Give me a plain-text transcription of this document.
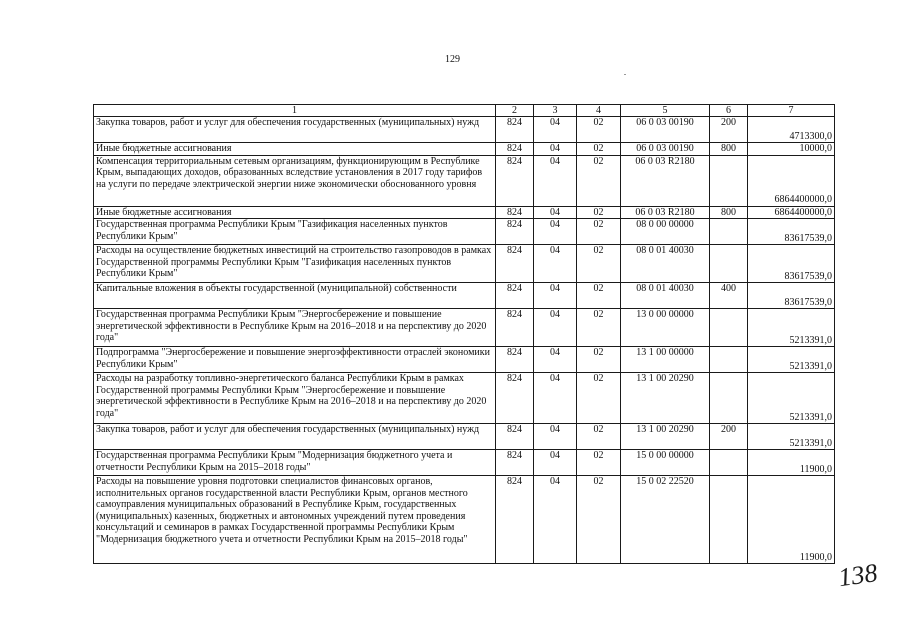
129
1	2	3	4	5	6	7
Закупка товаров, работ и услуг для обеспечения государственных (муниципальных) нужд	824	04	02	06 0 03 00190	200	4713300,0
Иные бюджетные ассигнования	824	04	02	06 0 03 00190	800	10000,0
Компенсация территориальным сетевым организациям, функционирующим в Республике Крым, выпадающих доходов, образованных вследствие установления в 2017 году тарифов на услуги по передаче электрической энергии ниже экономически обоснованного уровня	824	04	02	06 0 03 R2180		6864400000,0
Иные бюджетные ассигнования	824	04	02	06 0 03 R2180	800	6864400000,0
Государственная программа Республики Крым "Газификация населенных пунктов Республики Крым"	824	04	02	08 0 00 00000		83617539,0
Расходы на осуществление бюджетных инвестиций на строительство газопроводов в рамках Государственной программы Республики Крым "Газификация населенных пунктов Республики Крым"	824	04	02	08 0 01 40030		83617539,0
Капитальные вложения в объекты государственной (муниципальной) собственности	824	04	02	08 0 01 40030	400	83617539,0
Государственная программа Республики Крым "Энергосбережение и повышение энергетической эффективности в Республике Крым на 2016–2018 и на перспективу до 2020 года"	824	04	02	13 0 00 00000		5213391,0
Подпрограмма "Энергосбережение и повышение энергоэффективности отраслей экономики Республики Крым"	824	04	02	13 1 00 00000		5213391,0
Расходы на разработку топливно-энергетического баланса Республики Крым в рамках Государственной программы Республики Крым "Энергосбережение и повышение энергетической эффективности в Республике Крым на 2016–2018 и на перспективу до 2020 года"	824	04	02	13 1 00 20290		5213391,0
Закупка товаров, работ и услуг для обеспечения государственных (муниципальных) нужд	824	04	02	13 1 00 20290	200	5213391,0
Государственная программа Республики Крым "Модернизация бюджетного учета и отчетности Республики Крым на 2015–2018 годы"	824	04	02	15 0 00 00000		11900,0
Расходы на повышение уровня подготовки специалистов финансовых органов, исполнительных органов государственной власти Республики Крым, органов местного самоуправления муниципальных образований в Республике Крым, государственных (муниципальных) казенных, бюджетных и автономных учреждений путем проведения консультаций и семинаров в рамках Государственной программы Республики Крым "Модернизация бюджетного учета и отчетности Республики Крым на 2015–2018 годы"	824	04	02	15 0 02 22520		11900,0
138
